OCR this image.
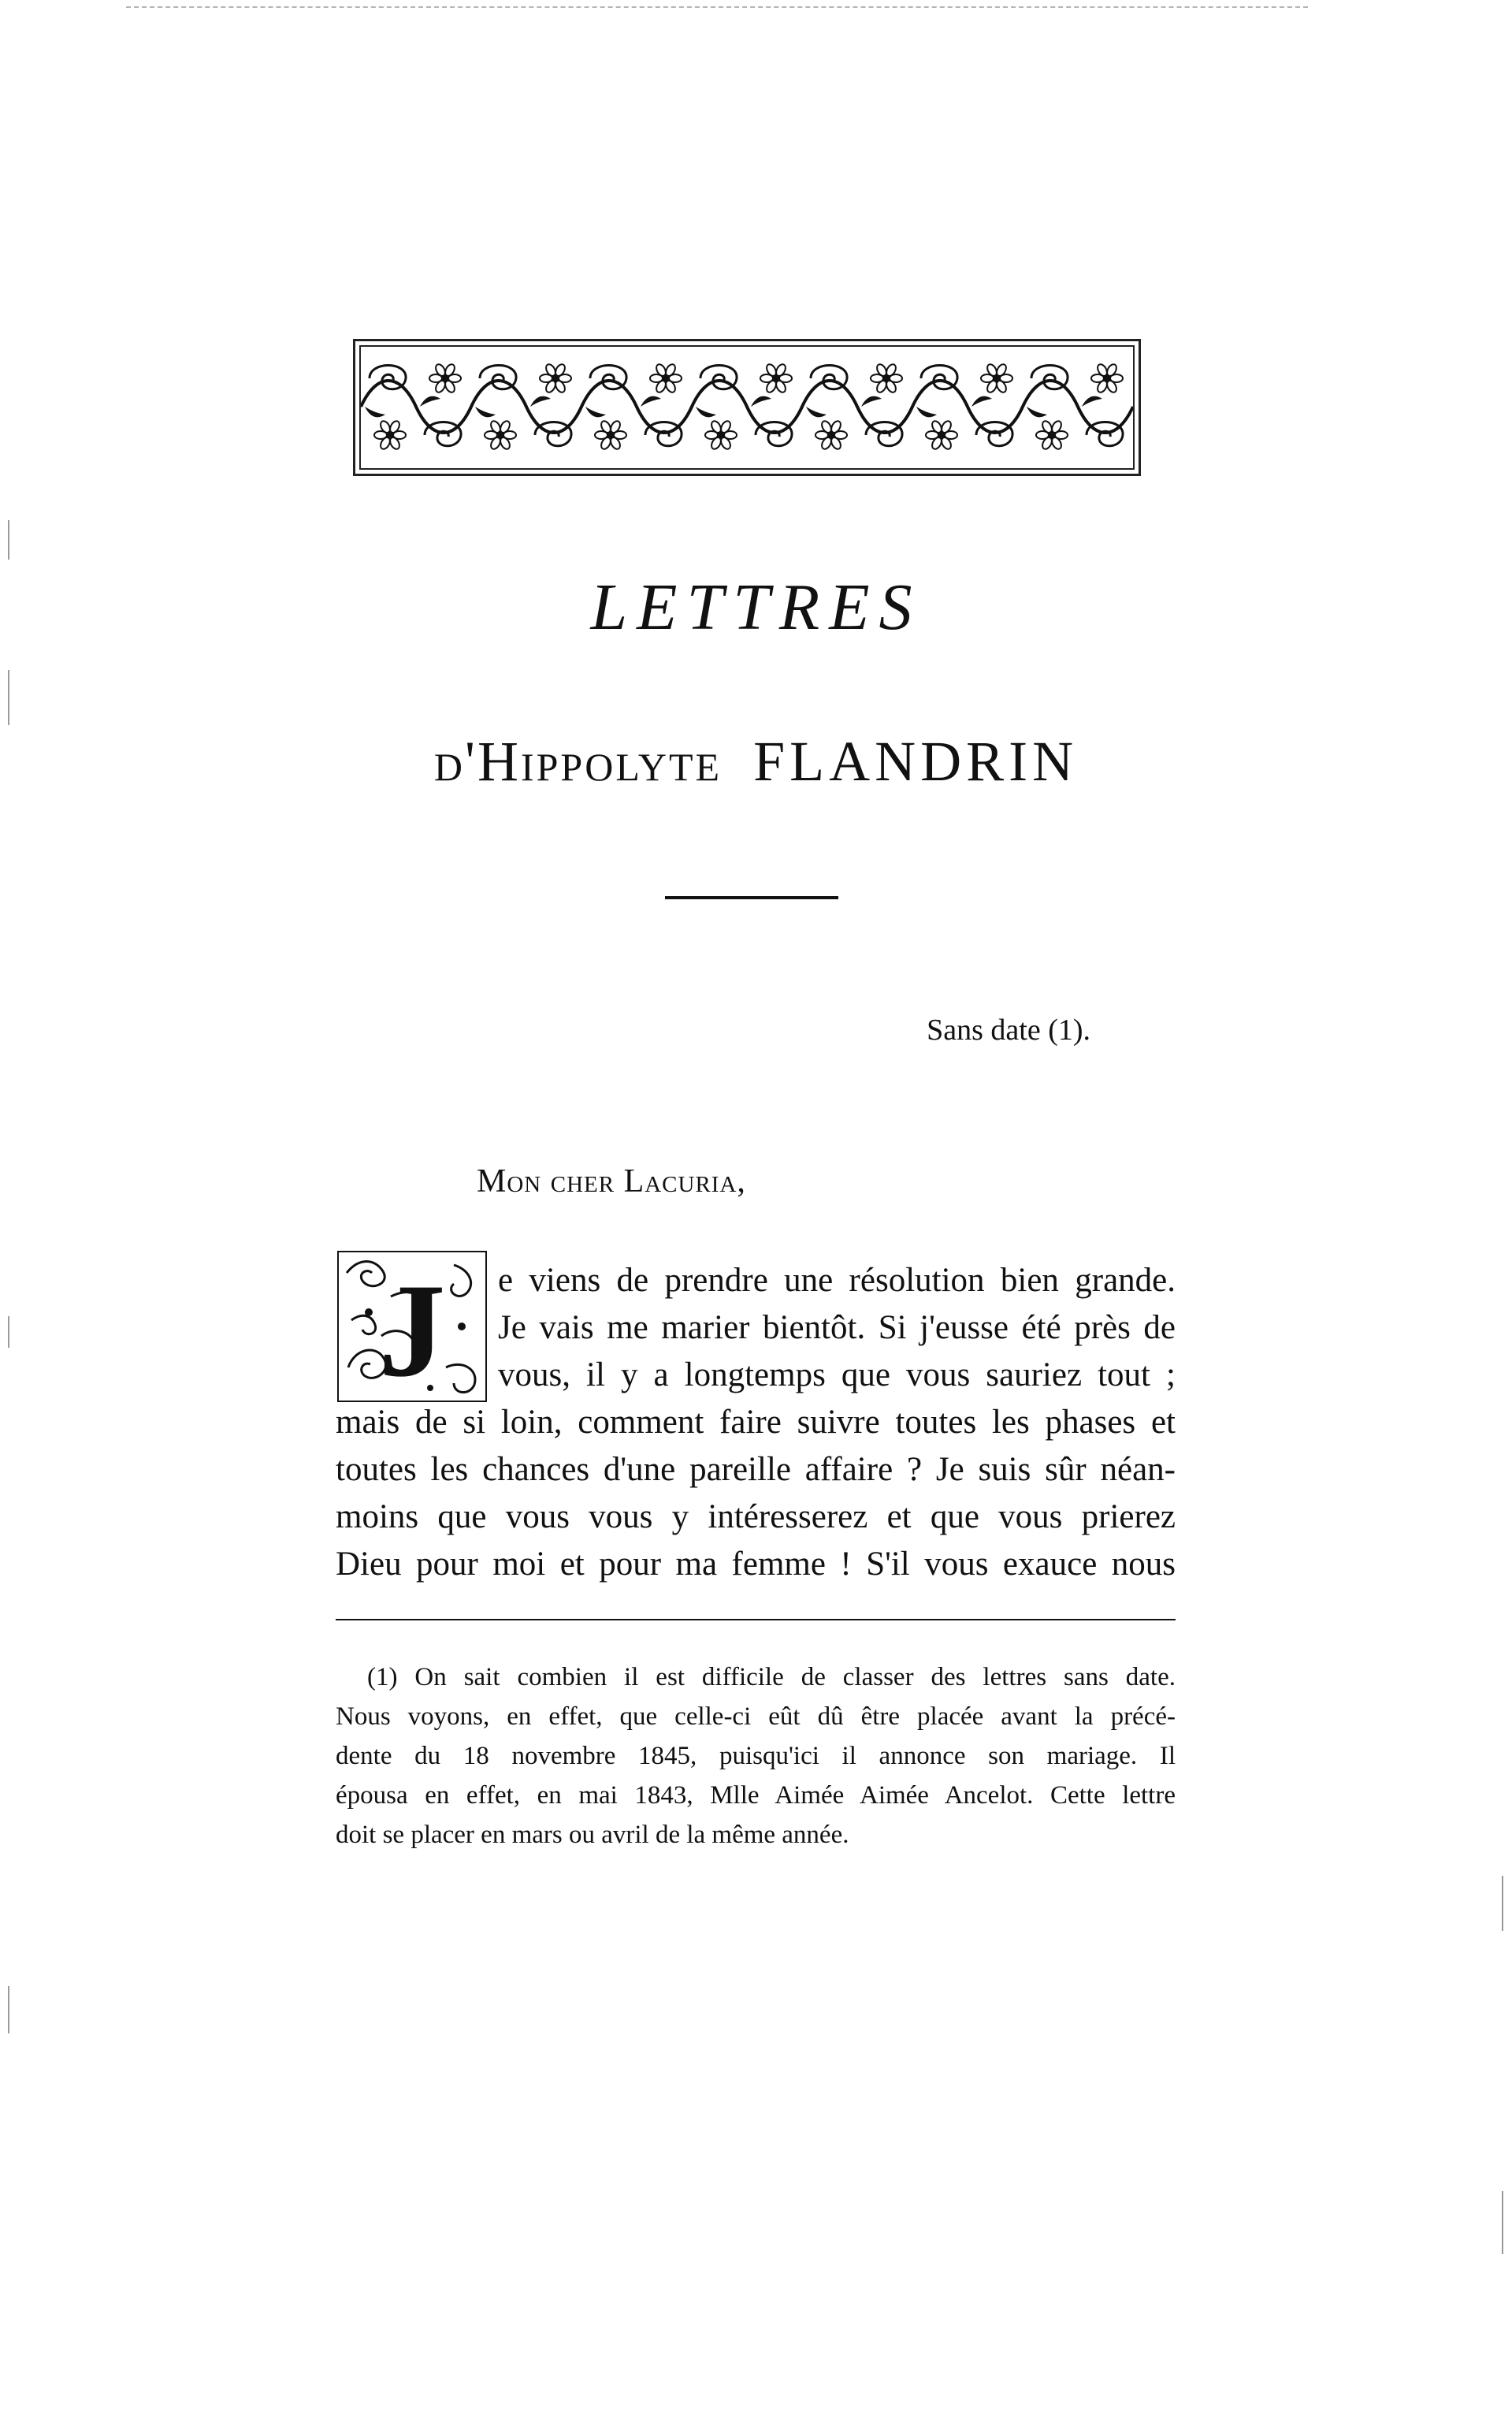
LETTRES
d'Hippolyte FLANDRIN

Sans date (1).

Mon cher Lacuria,

J e viens de prendre une résolution bien grande.

Je vais me marier bientôt. Si j'eusse été près de

vous, il y a longtemps que vous sauriez tout ;

mais de si loin, comment faire suivre toutes les phases et

toutes les chances d'une pareille affaire ? Je suis sûr néan-

moins que vous vous y intéresserez et que vous prierez

Dieu pour moi et pour ma femme ! S'il vous exauce nous

(1) On sait combien il est difficile de classer des lettres sans date.

Nous voyons, en effet, que celle-ci eût dû être placée avant la précé-

dente du 18 novembre 1845, puisqu'ici il annonce son mariage. Il

épousa en effet, en mai 1843, Mlle Aimée Aimée Ancelot. Cette lettre

doit se placer en mars ou avril de la même année.
